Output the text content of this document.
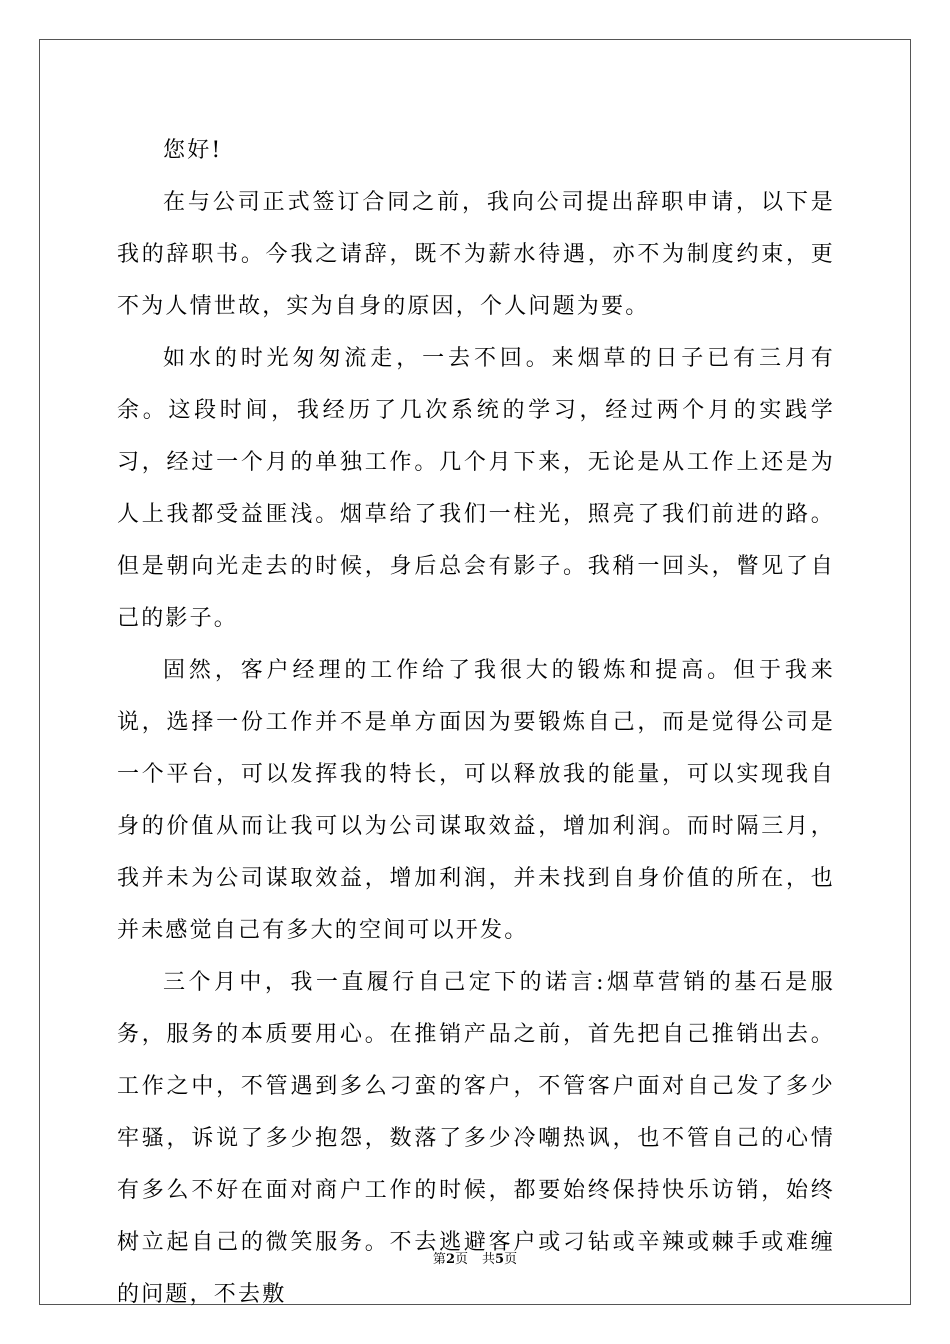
您好!

在与公司正式签订合同之前，我向公司提出辞职申请，以下是我的辞职书。今我之请辞，既不为薪水待遇，亦不为制度约束，更不为人情世故，实为自身的原因，个人问题为要。

如水的时光匆匆流走，一去不回。来烟草的日子已有三月有余。这段时间，我经历了几次系统的学习，经过两个月的实践学习，经过一个月的单独工作。几个月下来，无论是从工作上还是为人上我都受益匪浅。烟草给了我们一柱光，照亮了我们前进的路。但是朝向光走去的时候，身后总会有影子。我稍一回头，瞥见了自己的影子。

固然，客户经理的工作给了我很大的锻炼和提高。但于我来说，选择一份工作并不是单方面因为要锻炼自己，而是觉得公司是一个平台，可以发挥我的特长，可以释放我的能量，可以实现我自身的价值从而让我可以为公司谋取效益，增加利润。而时隔三月，我并未为公司谋取效益，增加利润，并未找到自身价值的所在，也并未感觉自己有多大的空间可以开发。

三个月中，我一直履行自己定下的诺言:烟草营销的基石是服务，服务的本质要用心。在推销产品之前，首先把自己推销出去。工作之中，不管遇到多么刁蛮的客户，不管客户面对自己发了多少牢骚，诉说了多少抱怨，数落了多少冷嘲热讽，也不管自己的心情有多么不好在面对商户工作的时候，都要始终保持快乐访销，始终树立起自己的微笑服务。不去逃避客户或刁钻或辛辣或棘手或难缠的问题，不去敷

第2页 共5页
